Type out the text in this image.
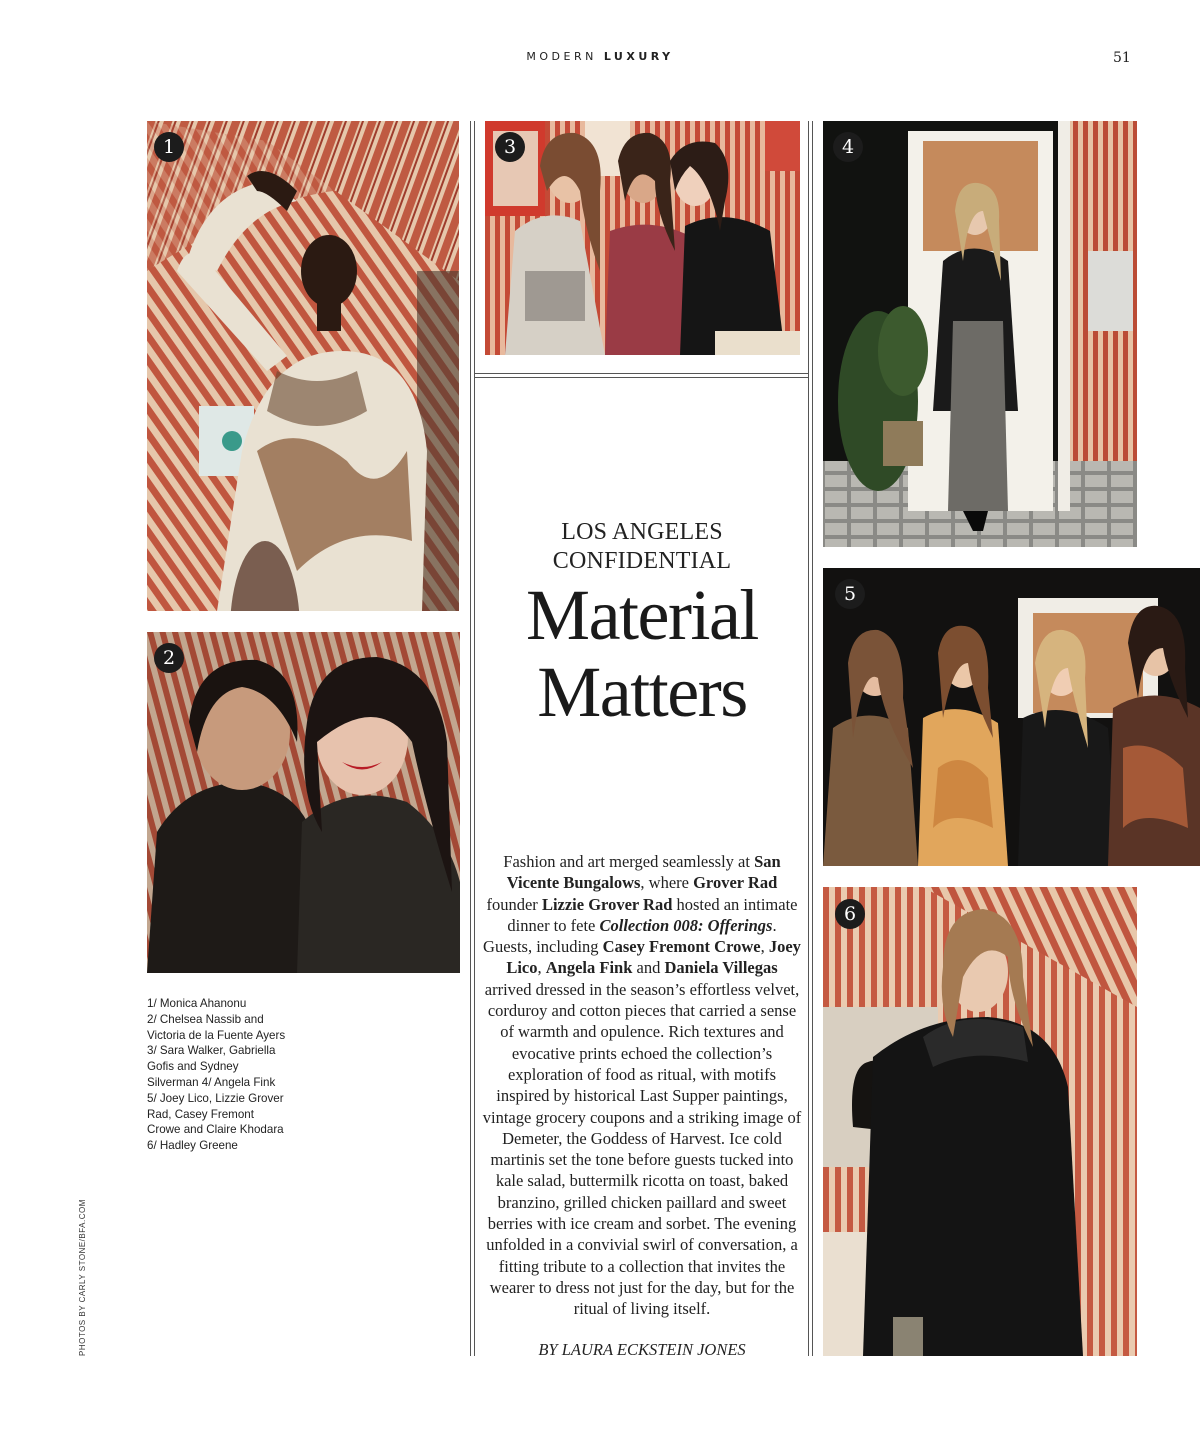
MODERN LUXURY	51
1
2
3	4
5
6
LOS ANGELES
CONFIDENTIAL
Material
Matters
Fashion and art merged seamlessly at San Vicente Bungalows, where Grover Rad founder Lizzie Grover Rad hosted an intimate dinner to fete Collection 008: Offerings. Guests, including Casey Fremont Crowe, Joey Lico, Angela Fink and Daniela Villegas arrived dressed in the season’s effortless velvet, corduroy and cotton pieces that carried a sense of warmth and opulence. Rich textures and evocative prints echoed the collection’s exploration of food as ritual, with motifs inspired by historical Last Supper paintings, vintage grocery coupons and a striking image of Demeter, the Goddess of Harvest. Ice cold martinis set the tone before guests tucked into kale salad, buttermilk ricotta on toast, baked branzino, grilled chicken paillard and sweet berries with ice cream and sorbet. The evening unfolded in a convivial swirl of conversation, a fitting tribute to a collection that invites the wearer to dress not just for the day, but for the ritual of living itself.
BY LAURA ECKSTEIN JONES
1/ Monica Ahanonu
2/ Chelsea Nassib and
Victoria de la Fuente Ayers
3/ Sara Walker, Gabriella
Gofis and Sydney
Silverman 4/ Angela Fink
5/ Joey Lico, Lizzie Grover
Rad, Casey Fremont
Crowe and Claire Khodara
6/ Hadley Greene
PHOTOS BY CARLY STONE/BFA.COM
